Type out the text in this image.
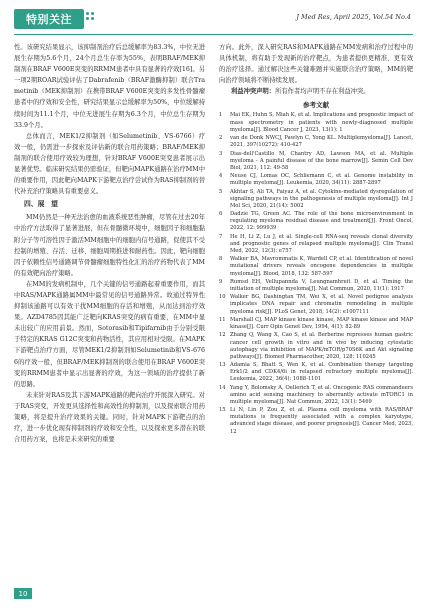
特别关注	J Med Res, April 2025, Vol.54 No.4

性。该研究结果显示，该抑制剂治疗后总缓解率为83.3%，中位无进展生存期为5.6个月，24个月总生存率为55%，表明BRAF/MEK抑制剂在BRAF V600E突变的RRMM患者中具有显著的疗效[16]。另一项2期ROAR试验评估了Dabrafenib（BRAF激酶抑制）联合Trametinib（MEK抑制剂）在携带BRAF V600E突变的多发性骨髓瘤患者中的疗效和安全性，研究结果显示总缓解率为50%，中位缓解持续时间为11.1个月，中位无进展生存期为6.3个月，中位总生存期为33.9个月。

总体而言，MEK1/2抑制剂（如Selumetinib、VS-6766）疗效一般，仍需进一步探索及评估新的联合用药策略；BRAF/MEK抑制剂的联合使用疗效较为理想，针对BRAF V600E突变患者展示出显著优势。临床研究结果仍需验证，但靶向MAPK通路在治疗MM中的重要作用，因此靶向MAPK下游靶点治疗尝试作为RAS抑制剂的替代补充治疗策略具有重要意义。

四、展　望

MM仍然是一种无法治愈的血液系统恶性肿瘤，尽管在过去20年中治疗方法取得了显著进展，但在骨髓微环境中，细胞因子和细胞黏附分子等可溶性因子激活MM细胞中的细胞内信号通路，促使其不受控制的增殖、存活、迁移、细胞周期推进和耐药性。因此，靶向细胞因子依赖性信号通路调节骨髓瘤细胞特性化汇的治疗药物代表了MM的有效靶向治疗策略。

在MM的发病机制中，几个关键的信号通路起着重要作用，而其中RAS/MAPK通路属MM中最常见的信号通路异常。故通过特异性抑制该通路可以有效干扰MM细胞的存活和增殖，从而达到治疗效果。AZD4785因其能广泛靶向KRAS突变的病有重要，在MM中显未出较广的应用前景。然而，Sotorasib和Tipifarnib由于分别受限于特定的KRAS G12C突变和药物活性，其应用相对受限。在MAPK下游靶点治疗方面，尽管MEK1/2抑制剂如Selumetinib和VS-6766的疗效一般，但BRAF/MEK抑制剂的联合使用在BRAF V600E突变的RRMM患者中显示出显著的疗效，为这一领域的治疗提供了新的思路。

未来针对RAS及其下游MAPK通路的靶向治疗开展深入研究。对于RAS突变，开发更具选择性和高效性的抑制剂，以及探索联合用药策略，将是提升治疗效果的关键。同时，针对MAPK下游靶点的治疗，进一步优化现有抑制剂的疗效和安全性，以及探索更多潜在的联合用药方案，也将是未来研究的重要

方向。此外，深入研究RAS和MAPK通路在MM发病和治疗过程中的具体机制，将有助于发现新的治疗靶点，为患者提供更精准、更有效的治疗选择。通过解决这些关键难题并实施联合治疗策略，MM的靶向治疗领域将不断持续发展。

利益冲突声明：所有作者均声明不存在利益冲突。

参考文献
1 Mai EK, Huhn S, Miah K, et al. Implications and prognostic impact of mass spectrometry in patients with newly-diagnosed multiple myeloma[J]. Blood Cancer J, 2023, 13(1): 1
2 van de Donk NWCJ, Pawlyn C, Yong KL. Multiplemyeloma[J]. Lancet, 2021, 397(10272): 410-427
3 Dias-dell'Castillo M, Chantry AD, Lawson MA, et al. Multiple myeloma - A painful disease of the bone marrow[J]. Semin Cell Dev Biol, 2021, 112: 49-58
4 Neuse CJ, Lomas OC, Schliemann C, et al. Genome instability in multiple myeloma[J]. Leukemia, 2020, 34(11): 2887-2897
5 Akhtar S, Ali TA, Faiyaz A, et al. Cytokine-mediated dysregulation of signaling pathways in the pathogenesis of multiple myeloma[J]. Int J Mol Sci, 2020, 21(14): 5002
6 Dadzie TG, Green AC. The role of the bone microenvironment in regulating myeloma residual disease and treatment[J]. Front Oncol, 2022, 12: 999939
7 He H, Li Z, Lu J, et al. Single-cell RNA-seq reveals clonal diversity and prognostic genes of relapsed multiple myeloma[J]. Clin Transl Med, 2022, 12(3): e757
8 Walker BA, Mavrommatis K, Wardell CP, et al. Identification of novel mutational drivers reveals oncogene dependencies in multiple myeloma[J]. Blood, 2018, 132: 587-597
9 Rumsd EH, Vellupannda V, Leungnamhreit D, et al. Timing the initiation of multiple myeloma[J]. Nat Commun, 2020, 11(1): 1917
10 Walker BG, Dashingtan TM, Wei X, et al. Novel pedigree analysis implicates DNA repair and chromatin remodeling in multiple myeloma risk[J]. PLoS Genet, 2018, 14(2): e1007111
11 Marshall CJ. MAP kinase kinase kinase, MAP kinase kinase and MAP kinase[J]. Curr Opin Genet Dev, 1994, 4(1): 82-89
12 Zhang Q, Wang X, Cao S, et al. Berberine represses human gastric cancer cell growth in vitro and in vivo by inducing cytostatic autophagy via inhibition of MAPK/mTOR/p70S6K and Akt signaling pathways[J]. Biomed Pharmacother, 2020, 128: 110245
13 Adamia S, Bhatt S, Wen K, et al. Combination therapy targeting Erk1/2 and CDK4/6i in relapsed refractory multiple myeloma[J]. Leukemia, 2022, 36(4): 1088-1101
14 Yang Y, Bolomsky A, Oellerich T, et al. Oncogenic RAS commandeers amino acid sensing machinery to aberrantly activate mTORC1 in multiple myeloma[J]. Nat Commun, 2022, 13(1): 5469
15 Li N, Lin P, Zou Z, et al. Plasma cell myeloma with RAS/BRAF mutations is frequently associated with a complex karyotype, advanced stage disease, and poorer prognosis[J]. Cancer Med, 2023, 12
10
